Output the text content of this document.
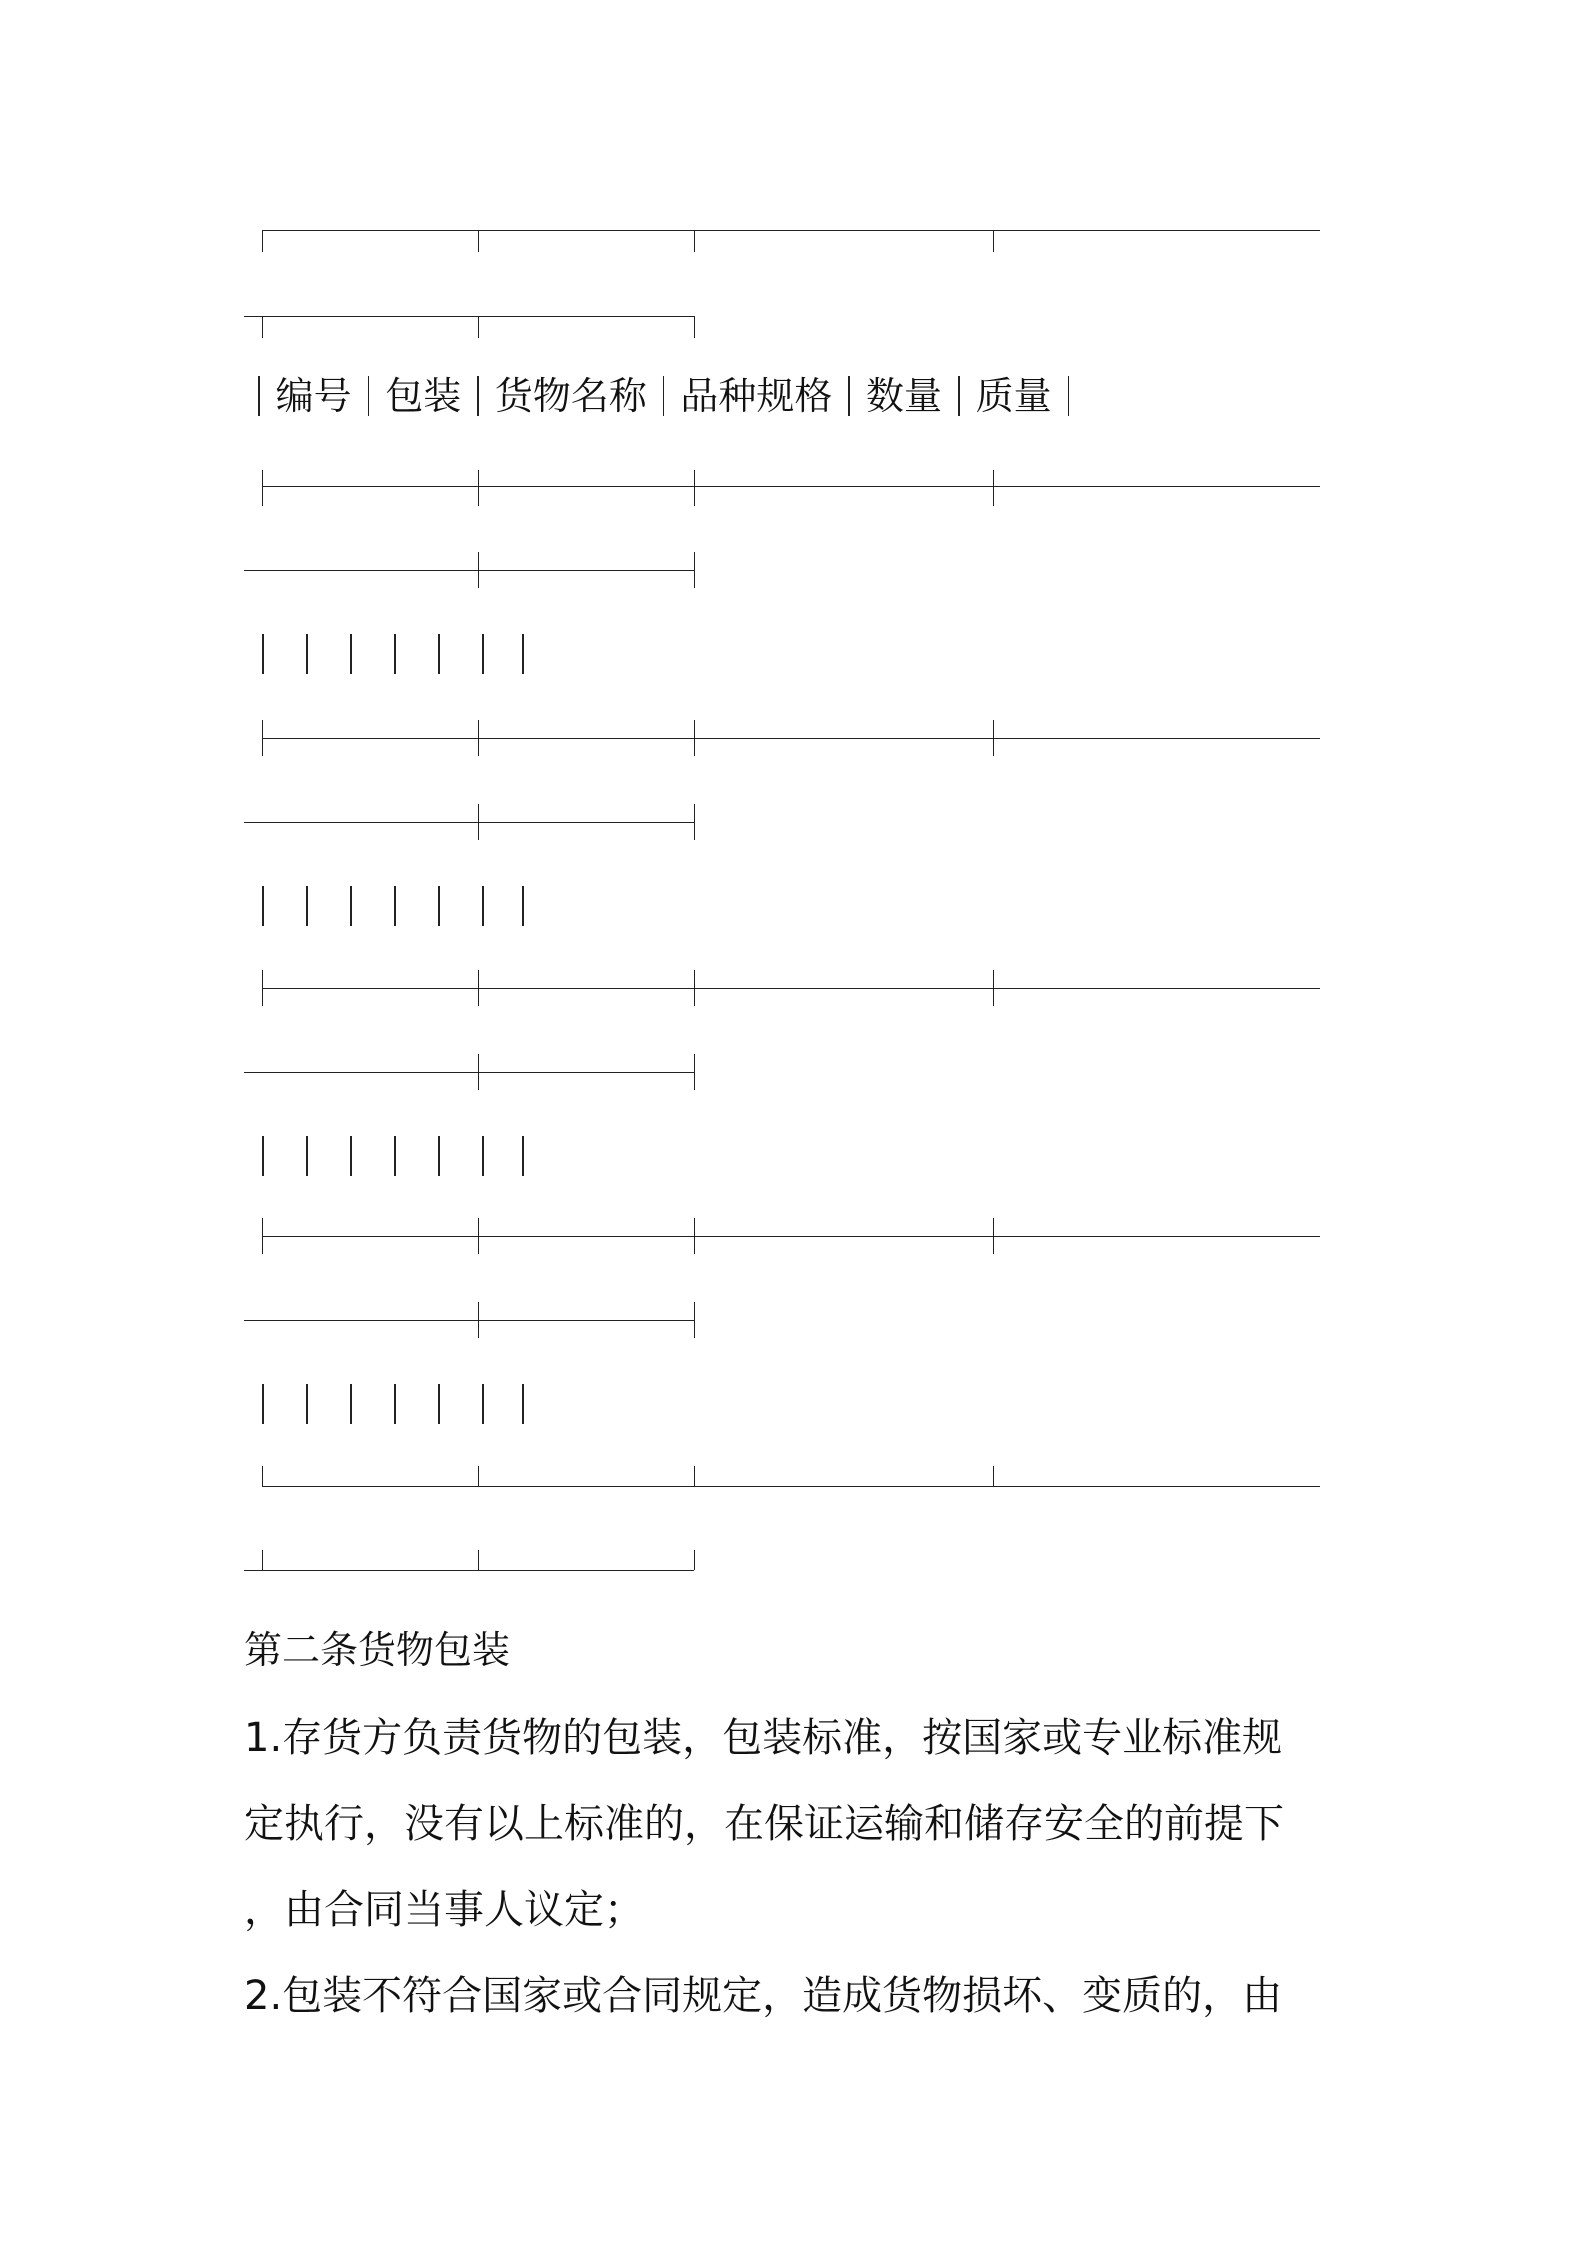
编号 包装 货物名称 品种规格 数量 质量
第二条货物包装
1.存货方负责货物的包装，包装标准，按国家或专业标准规
定执行，没有以上标准的，在保证运输和储存安全的前提下
，由合同当事人议定；
2.包装不符合国家或合同规定，造成货物损坏、变质的，由
